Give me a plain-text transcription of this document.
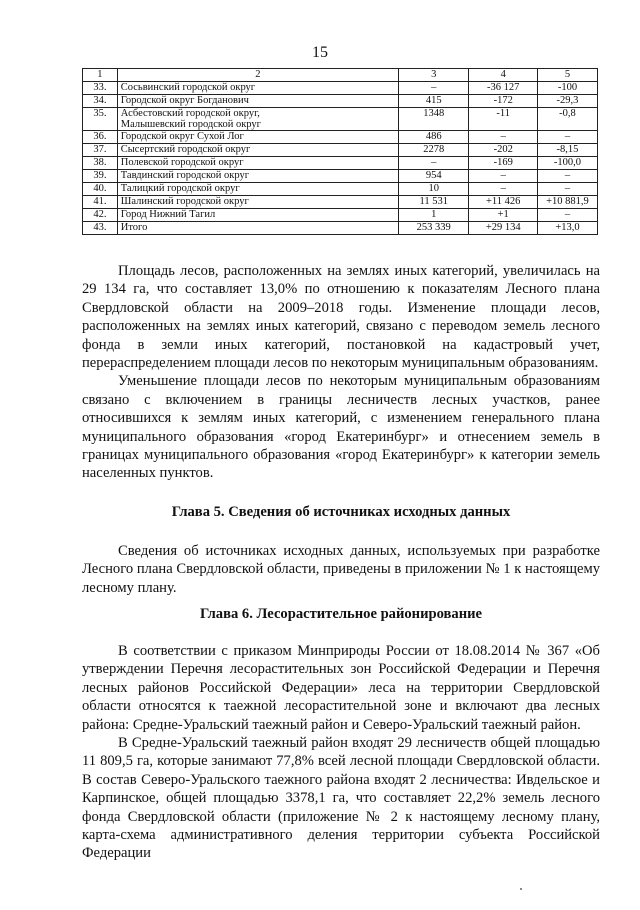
15
1	2	3	4	5
33.	Сосьвинский городской округ	–	-36 127	-100
34.	Городской округ Богданович	415	-172	-29,3
35.	Асбестовский городской округ,
Малышевский городской округ	1348	-11	-0,8
36.	Городской округ Сухой Лог	486	–	–
37.	Сысертский городской округ	2278	-202	-8,15
38.	Полевской городской округ	–	-169	-100,0
39.	Тавдинский городской округ	954	–	–
40.	Талицкий городской округ	10	–	–
41.	Шалинский городской округ	11 531	+11 426	+10 881,9
42.	Город Нижний Тагил	1	+1	–
43.	Итого	253 339	+29 134	+13,0

Площадь лесов, расположенных на землях иных категорий, увеличилась на 29 134 га, что составляет 13,0% по отношению к показателям Лесного плана Свердловской области на 2009–2018 годы. Изменение площади лесов, расположенных на землях иных категорий, связано с переводом земель лесного фонда в земли иных категорий, постановкой на кадастровый учет, перераспределением площади лесов по некоторым муниципальным образованиям.

Уменьшение площади лесов по некоторым муниципальным образованиям связано с включением в границы лесничеств лесных участков, ранее относившихся к землям иных категорий, с изменением генерального плана муниципального образования «город Екатеринбург» и отнесением земель в границах муниципального образования «город Екатеринбург» к категории земель населенных пунктов.

Глава 5. Сведения об источниках исходных данных

Сведения об источниках исходных данных, используемых при разработке Лесного плана Свердловской области, приведены в приложении № 1 к настоящему лесному плану.

Глава 6. Лесорастительное районирование

В соответствии с приказом Минприроды России от 18.08.2014 № 367 «Об утверждении Перечня лесорастительных зон Российской Федерации и Перечня лесных районов Российской Федерации» леса на территории Свердловской области относятся к таежной лесорастительной зоне и включают два лесных района: Средне-Уральский таежный район и Северо-Уральский таежный район.

В Средне-Уральский таежный район входят 29 лесничеств общей площадью 11 809,5 га, которые занимают 77,8% всей лесной площади Свердловской области. В состав Северо-Уральского таежного района входят 2 лесничества: Ивдельское и Карпинское, общей площадью 3378,1 га, что составляет 22,2% земель лесного фонда Свердловской области (приложение № 2 к настоящему лесному плану, карта-схема административного деления территории субъекта Российской Федерации
